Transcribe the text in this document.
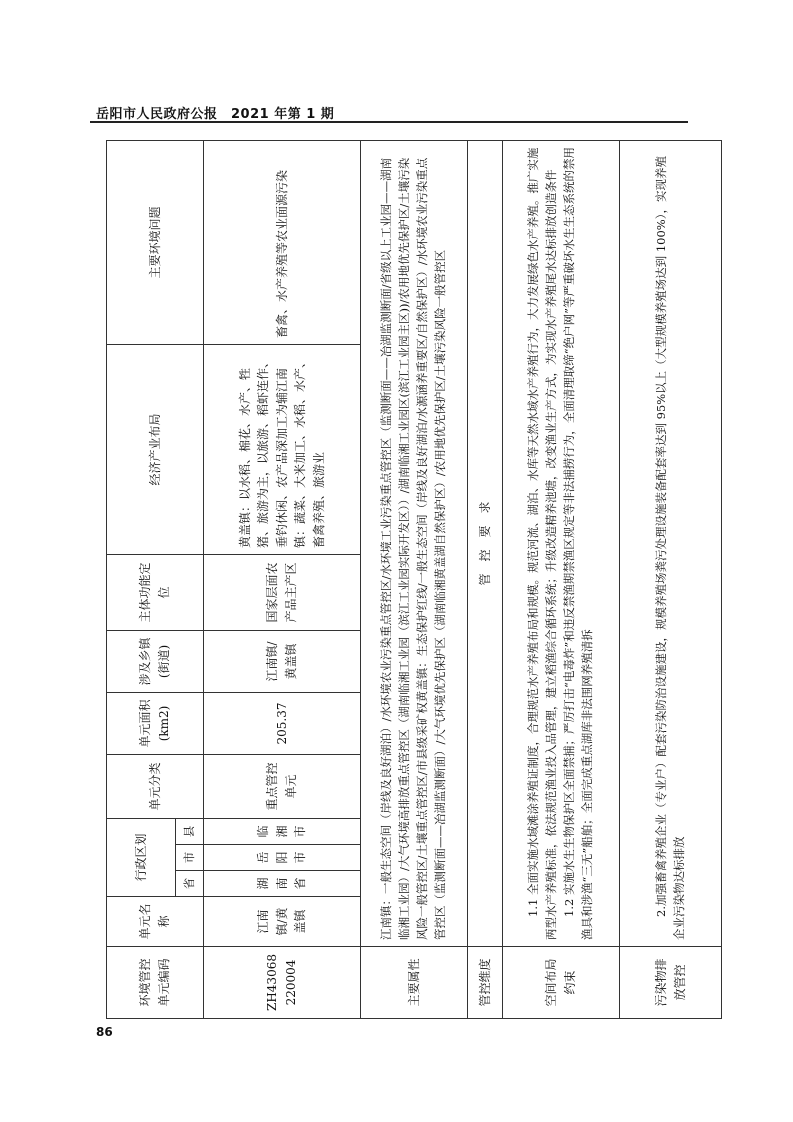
岳阳市人民政府公报　2021 年第 1 期
环境管控单元编码	单元名称	行政区划			单元分类	单元面积(km2)	涉及乡镇(街道)	主体功能定位	经济产业布局	主要环境问题
		省	市	县						
ZH43068220004	江南镇/黄盖镇	湖南省	岳阳市	临湘市	重点管控单元	205.37	江南镇/黄盖镇	国家层面农产品主产区	黄盖镇：以水稻、棉花、水产、牲猪、旅游为主，以旅游、稻虾连作、垂钓休闲、农产品深加工为辅江南镇：蔬菜、大米加工、水稻、水产、畜禽养殖、旅游业	畜禽、水产养殖等农业面源污染
主要属性	江南镇：一般生态空间（岸线及良好湖泊）/水环境农业污染重点管控区/水环境工业污染重点管控区（监测断面——冶湖监测断面/省级以上工业园——湖南临湘工业园）/大气环境高排放重点管控区（湖南临湘工业园（滨江工业园实际开发区））/湖南临湘工业园区(滨江工业园主区))/农用地优先保护区/土壤污染风险一般管控区/土壤重点管控区/市县级采矿权黄盖镇：生态保护红线/一般生态空间（岸线及良好湖泊/水源涵养重要区/自然保护区）/水环境农业污染重点管控区（监测断面——冶湖监测断面）/大气环境优先保护区（湖南临湘黄盖湖自然保护区）/农用地优先保护区/土壤污染风险一般管控区									
管控维度	管　控　要　求									
空间布局约束	1.1 全面实施水域滩涂养殖证制度，合理规范水产养殖布局和规模。规范河流、湖泊、水库等天然水域水产养殖行为，大力发展绿色水产养殖。推广实施两型水产养殖标准，依法规范渔业投入品管理，建立稻渔综合循环系统；升级改造精养池塘，改变渔业生产方式，为实现水产养殖尾水达标排放创造条件 1.2 实施水生生物保护区全面禁捕；严厉打击“电毒炸”和违反禁渔期禁渔区规定等非法捕捞行为，全面清理取缔“绝户网”等严重破坏水生生态系统的禁用渔具和涉渔“三无”船舶；全面完成重点湖库非法围网养殖清拆									

污染物排放管控	2.加强畜禽养殖企业（专业户）配套污染防治设施建设，规模养殖场粪污处理设施装备配套率达到 95%以上（大型规模养殖场达到 100%），实现养殖企业污染物达标排放									
86
